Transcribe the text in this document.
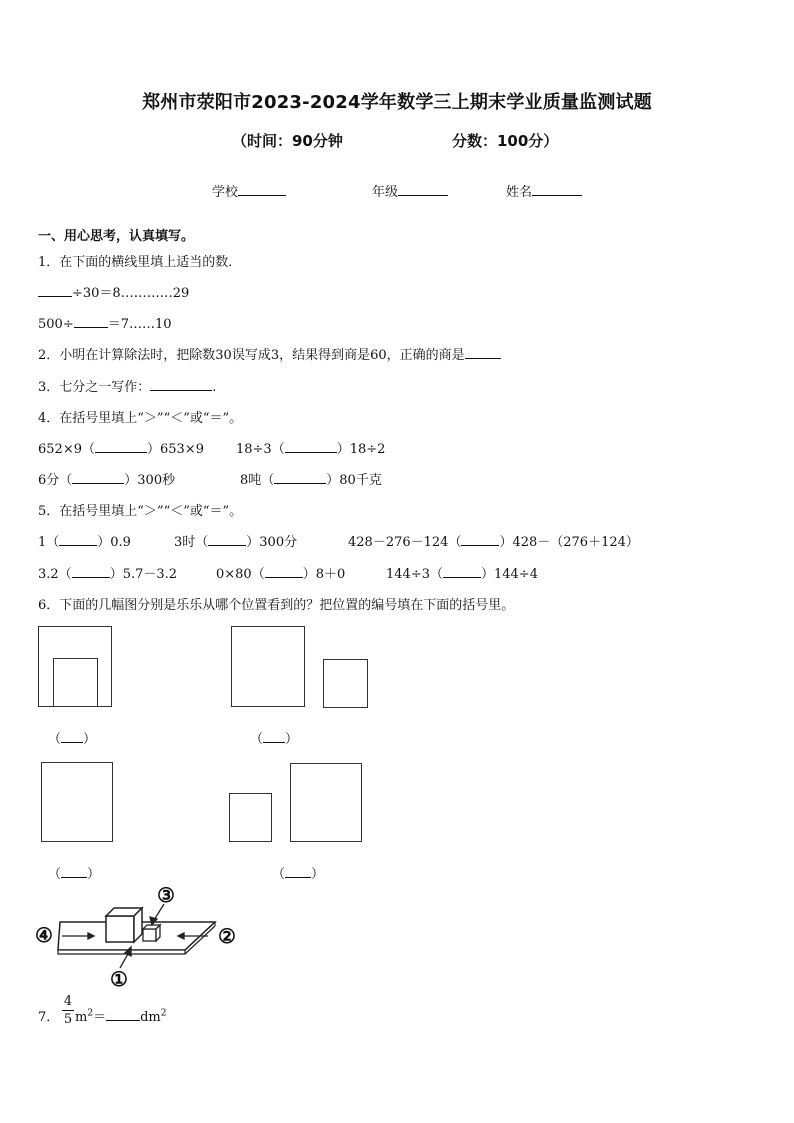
郑州市荥阳市2023-2024学年数学三上期末学业质量监测试题
（时间：90分钟	分数：100分）
学校	年级	姓名
一、用心思考，认真填写。
1．在下面的横线里填上适当的数．
÷30＝8…………29
500÷	＝7……10
2．小明在计算除法时，把除数30误写成3，结果得到商是60，正确的商是
3．七分之一写作：	.
4．在括号里填上“＞”“＜”或“＝”。
652×9（	）653×9 18÷3（	）18÷2
6分（	）300秒	8吨（	）80千克
5．在括号里填上“＞”“＜”或“＝”。
1（	）0.9	3时（	）300分	428－276－124（	）428－（276＋124）
3.2（	）5.7－3.2	0×80（	）8＋0	144÷3（	）144÷4
6．下面的几幅图分别是乐乐从哪个位置看到的？把位置的编号填在下面的括号里。
（ ）	（ ）
（ ）	（ ）
④	②
③
①
7．
4
5 $m^2=$	$dm^2$
